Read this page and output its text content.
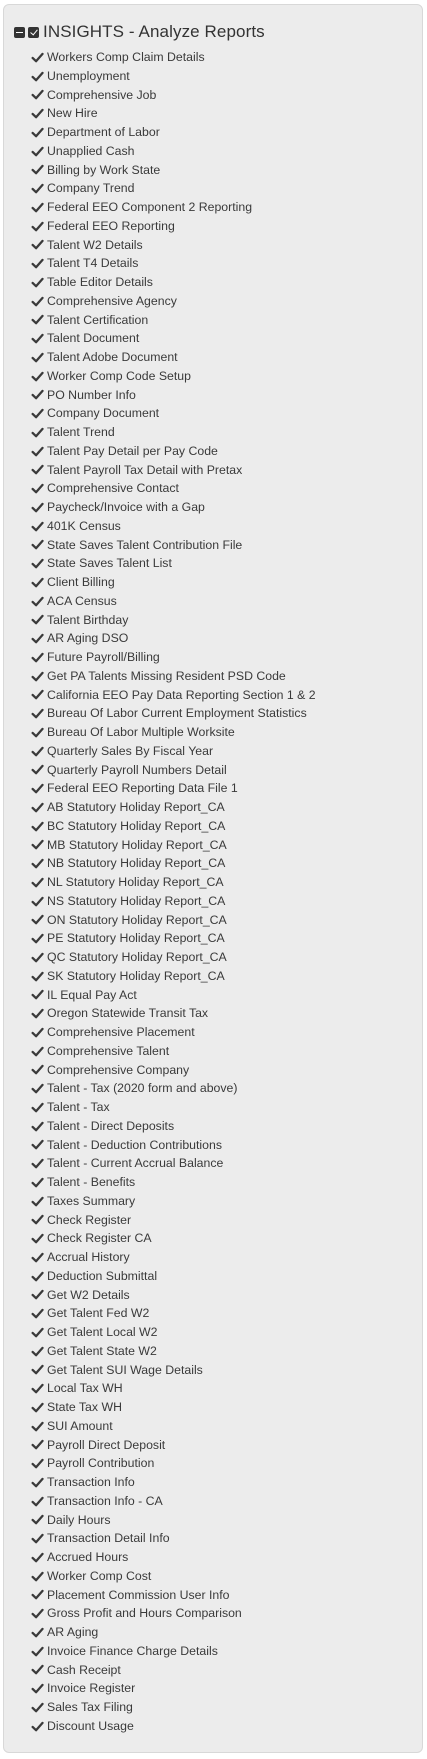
INSIGHTS - Analyze Reports
Workers Comp Claim Details
Unemployment
Comprehensive Job
New Hire
Department of Labor
Unapplied Cash
Billing by Work State
Company Trend
Federal EEO Component 2 Reporting
Federal EEO Reporting
Talent W2 Details
Talent T4 Details
Table Editor Details
Comprehensive Agency
Talent Certification
Talent Document
Talent Adobe Document
Worker Comp Code Setup
PO Number Info
Company Document
Talent Trend
Talent Pay Detail per Pay Code
Talent Payroll Tax Detail with Pretax
Comprehensive Contact
Paycheck/Invoice with a Gap
401K Census
State Saves Talent Contribution File
State Saves Talent List
Client Billing
ACA Census
Talent Birthday
AR Aging DSO
Future Payroll/Billing
Get PA Talents Missing Resident PSD Code
California EEO Pay Data Reporting Section 1 & 2
Bureau Of Labor Current Employment Statistics
Bureau Of Labor Multiple Worksite
Quarterly Sales By Fiscal Year
Quarterly Payroll Numbers Detail
Federal EEO Reporting Data File 1
AB Statutory Holiday Report_CA
BC Statutory Holiday Report_CA
MB Statutory Holiday Report_CA
NB Statutory Holiday Report_CA
NL Statutory Holiday Report_CA
NS Statutory Holiday Report_CA
ON Statutory Holiday Report_CA
PE Statutory Holiday Report_CA
QC Statutory Holiday Report_CA
SK Statutory Holiday Report_CA
IL Equal Pay Act
Oregon Statewide Transit Tax
Comprehensive Placement
Comprehensive Talent
Comprehensive Company
Talent - Tax (2020 form and above)
Talent - Tax
Talent - Direct Deposits
Talent - Deduction Contributions
Talent - Current Accrual Balance
Talent - Benefits
Taxes Summary
Check Register
Check Register CA
Accrual History
Deduction Submittal
Get W2 Details
Get Talent Fed W2
Get Talent Local W2
Get Talent State W2
Get Talent SUI Wage Details
Local Tax WH
State Tax WH
SUI Amount
Payroll Direct Deposit
Payroll Contribution
Transaction Info
Transaction Info - CA
Daily Hours
Transaction Detail Info
Accrued Hours
Worker Comp Cost
Placement Commission User Info
Gross Profit and Hours Comparison
AR Aging
Invoice Finance Charge Details
Cash Receipt
Invoice Register
Sales Tax Filing
Discount Usage
